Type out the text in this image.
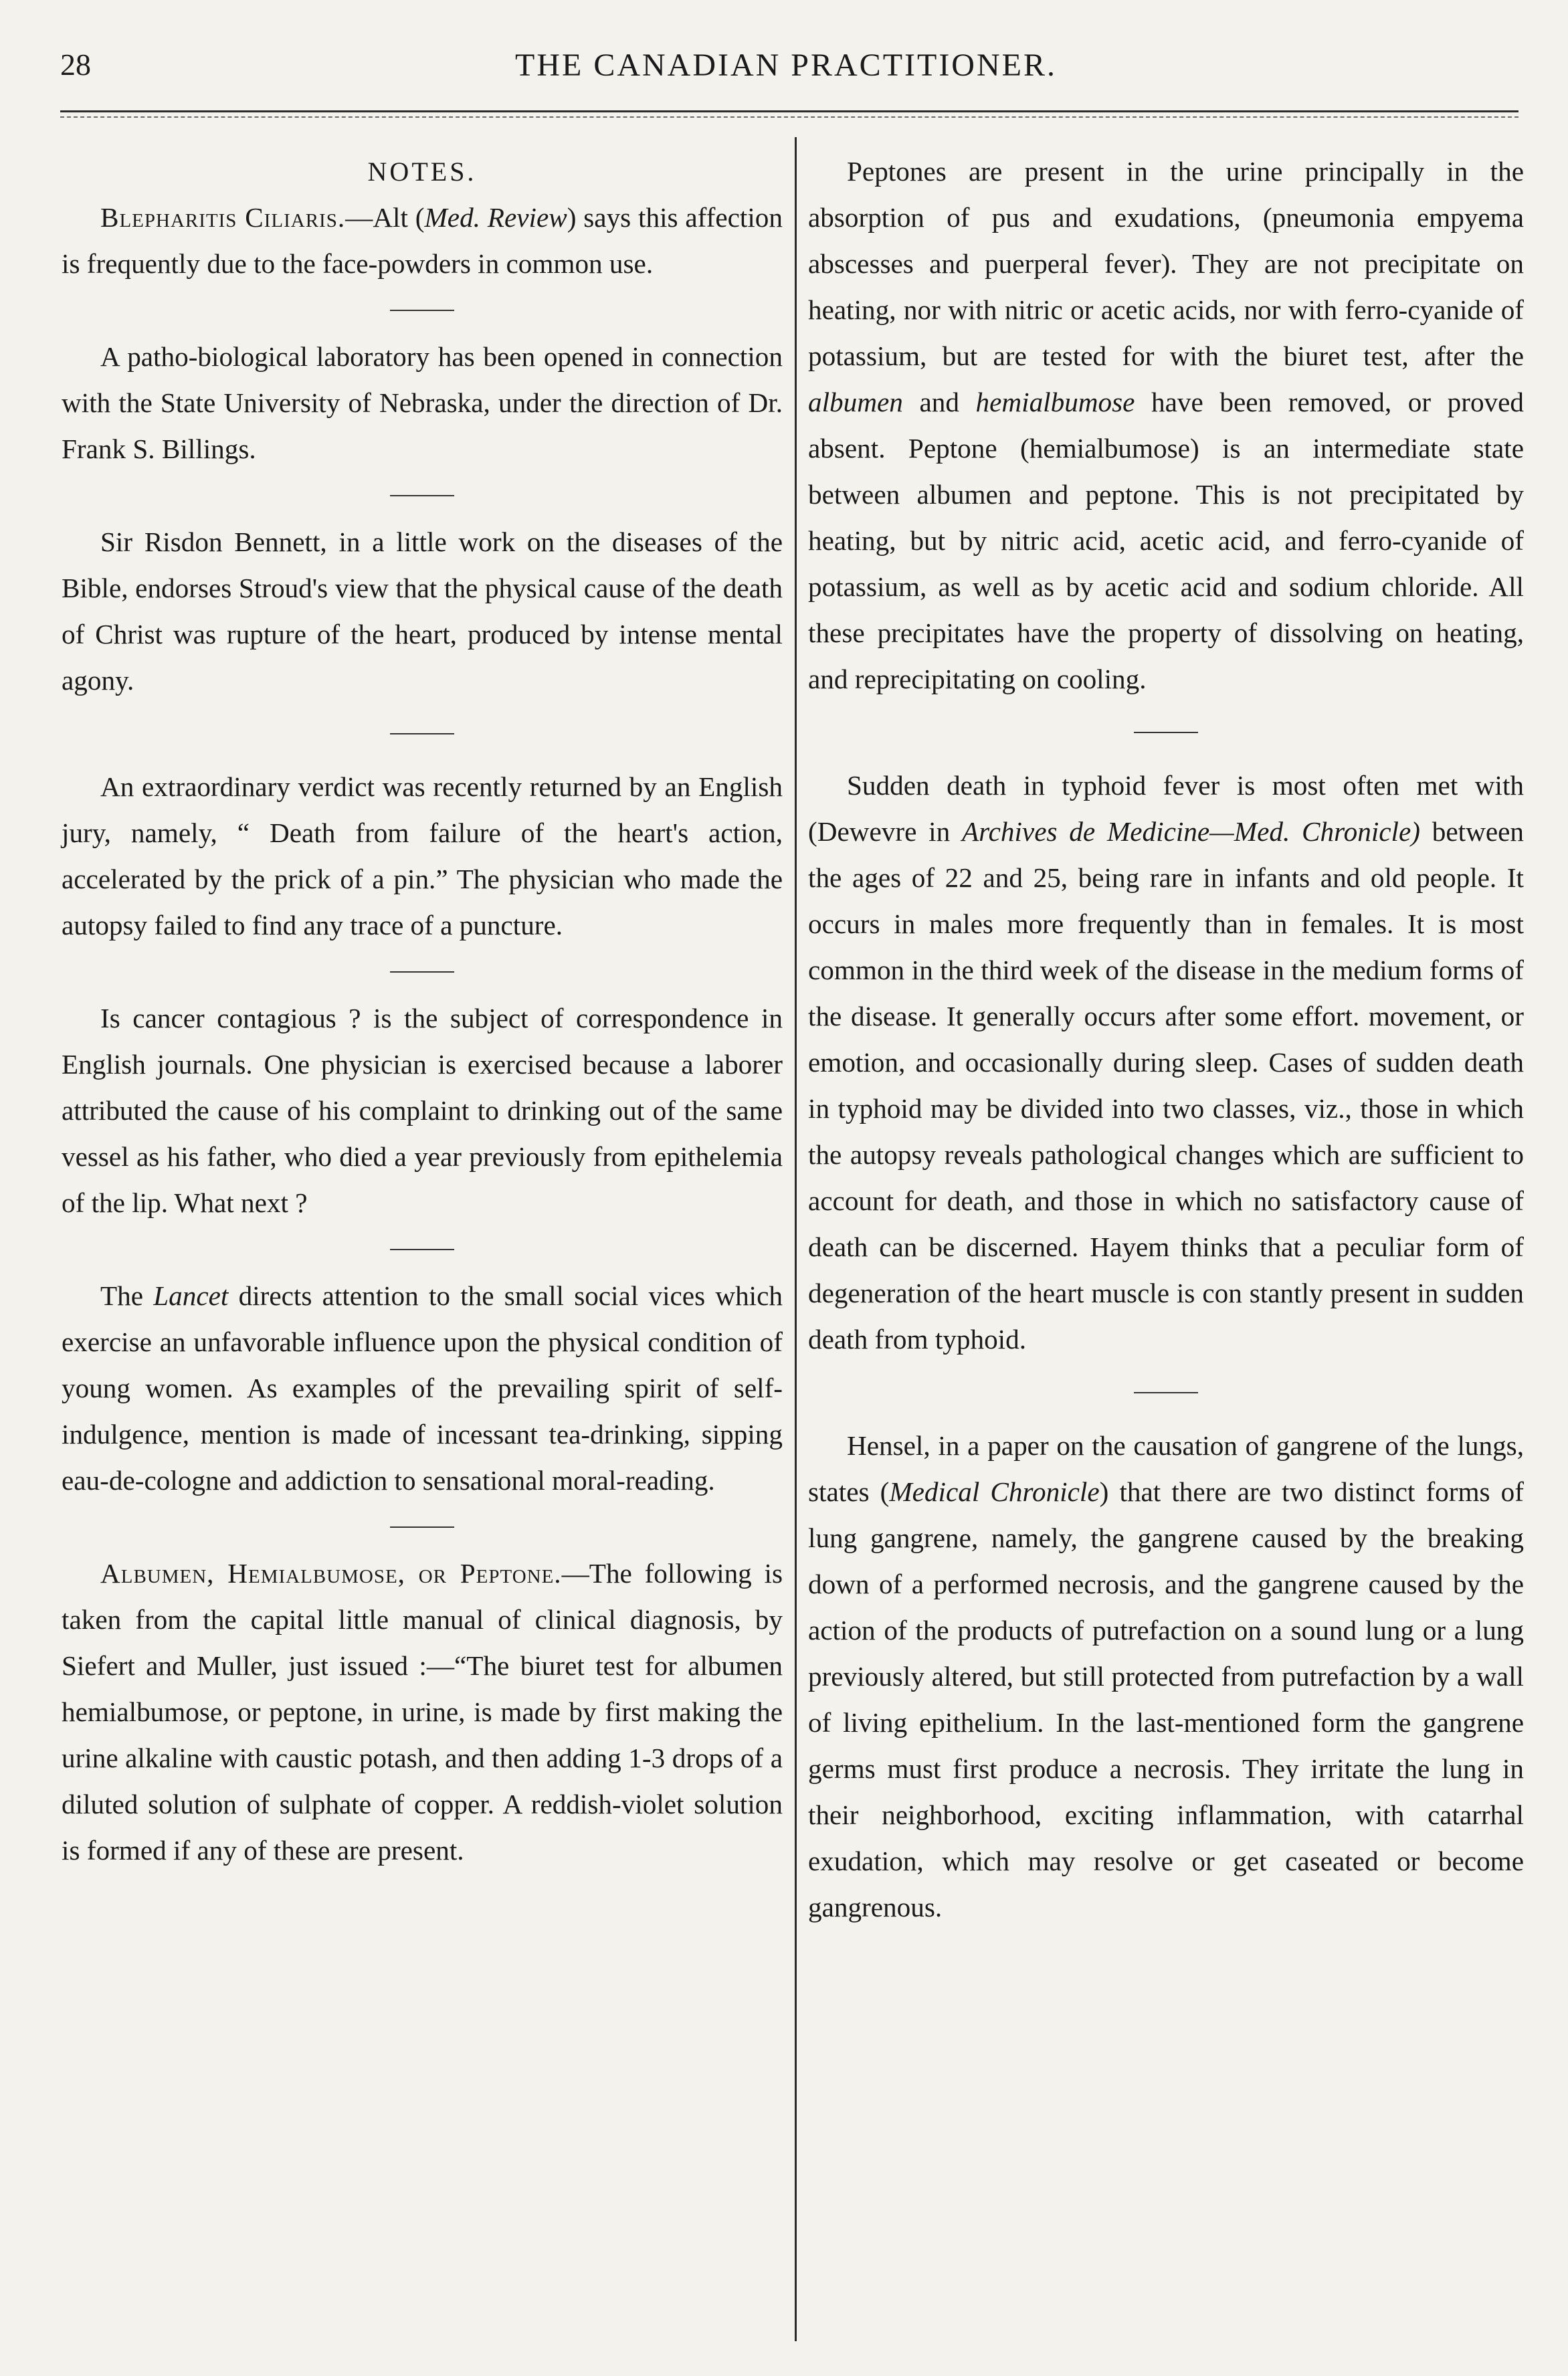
28	THE CANADIAN PRACTITIONER.
NOTES.

Blepharitis Ciliaris.—Alt (Med. Review) says this affection is frequently due to the face-powders in common use.

A patho-biological laboratory has been opened in connection with the State University of Nebraska, under the direction of Dr. Frank S. Billings.

Sir Risdon Bennett, in a little work on the diseases of the Bible, endorses Stroud's view that the physical cause of the death of Christ was rupture of the heart, produced by intense mental agony.

An extraordinary verdict was recently returned by an English jury, namely, “ Death from failure of the heart's action, accelerated by the prick of a pin.” The physician who made the autopsy failed to find any trace of a puncture.

Is cancer contagious ? is the subject of correspondence in English journals. One physician is exercised because a laborer attributed the cause of his complaint to drinking out of the same vessel as his father, who died a year previously from epithelemia of the lip. What next ?

The Lancet directs attention to the small social vices which exercise an unfavorable influence upon the physical condition of young women. As examples of the prevailing spirit of self-indulgence, mention is made of incessant tea-drinking, sipping eau-de-cologne and addiction to sensational moral-reading.

Albumen, Hemialbumose, or Peptone.—The following is taken from the capital little manual of clinical diagnosis, by Siefert and Muller, just issued :—“The biuret test for albumen hemialbumose, or peptone, in urine, is made by first making the urine alkaline with caustic potash, and then adding 1-3 drops of a diluted solution of sulphate of copper. A reddish-violet solution is formed if any of these are present.

Peptones are present in the urine principally in the absorption of pus and exudations, (pneumonia empyema abscesses and puerperal fever). They are not precipitate on heating, nor with nitric or acetic acids, nor with ferro-cyanide of potassium, but are tested for with the biuret test, after the albumen and hemialbumose have been removed, or proved absent. Peptone (hemialbumose) is an intermediate state between albumen and peptone. This is not precipitated by heating, but by nitric acid, acetic acid, and ferro-cyanide of potassium, as well as by acetic acid and sodium chloride. All these precipitates have the property of dissolving on heating, and reprecipitating on cooling.

Sudden death in typhoid fever is most often met with (Dewevre in Archives de Medicine—Med. Chronicle) between the ages of 22 and 25, being rare in infants and old people. It occurs in males more frequently than in females. It is most common in the third week of the disease in the medium forms of the disease. It generally occurs after some effort. movement, or emotion, and occasionally during sleep. Cases of sudden death in typhoid may be divided into two classes, viz., those in which the autopsy reveals pathological changes which are sufficient to account for death, and those in which no satisfactory cause of death can be discerned. Hayem thinks that a peculiar form of degeneration of the heart muscle is con stantly present in sudden death from typhoid.

Hensel, in a paper on the causation of gangrene of the lungs, states (Medical Chronicle) that there are two distinct forms of lung gangrene, namely, the gangrene caused by the breaking down of a performed necrosis, and the gangrene caused by the action of the products of putrefaction on a sound lung or a lung previously altered, but still protected from putrefaction by a wall of living epithelium. In the last-mentioned form the gangrene germs must first produce a necrosis. They irritate the lung in their neighborhood, exciting inflammation, with catarrhal exudation, which may resolve or get caseated or become gangrenous.
